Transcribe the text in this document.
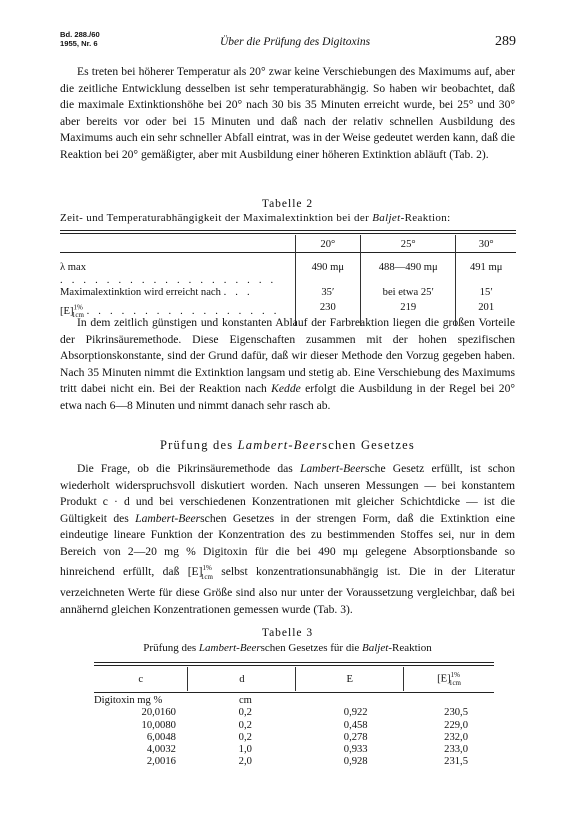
Bd. 288./60
1955, Nr. 6	Über die Prüfung des Digitoxins	289

Es treten bei höherer Temperatur als 20° zwar keine Verschiebungen des Maximums auf, aber die zeitliche Entwicklung desselben ist sehr temperaturabhängig. So haben wir beobachtet, daß die maximale Extinktionshöhe bei 20° nach 30 bis 35 Minuten erreicht wurde, bei 25° und 30° aber bereits vor oder bei 15 Minuten und daß nach der relativ schnellen Ausbildung des Maximums auch ein sehr schneller Abfall eintrat, was in der Weise gedeutet werden kann, daß die Reaktion bei 20° gemäßigter, aber mit Ausbildung einer höheren Extinktion abläuft (Tab. 2).

Tabelle 2
Zeit- und Temperaturabhängigkeit der Maximalextinktion bei der Baljet-Reaktion:
	20°	25°	30°
λ max . . . . . . . . . . . . . . . . . . .	490 mμ	488—490 mμ	491 mμ
Maximalextinktion wird erreicht nach . . .	35′	bei etwa 25′	15′
$[E]^{1\%}_{1cm}$ . . . . . . . . . . . . . . . . .	230	219	201

In dem zeitlich günstigen und konstanten Ablauf der Farbreaktion liegen die großen Vorteile der Pikrinsäuremethode. Diese Eigenschaften zusammen mit der hohen spezifischen Absorptionskonstante, sind der Grund dafür, daß wir dieser Methode den Vorzug gegeben haben. Nach 35 Minuten nimmt die Extinktion langsam und stetig ab. Eine Verschiebung des Maximums tritt dabei nicht ein. Bei der Reaktion nach Kedde erfolgt die Ausbildung in der Regel bei 20° etwa nach 6—8 Minuten und nimmt danach sehr rasch ab.

Prüfung des Lambert-Beerschen Gesetzes

Die Frage, ob die Pikrinsäuremethode das Lambert-Beersche Gesetz erfüllt, ist schon wiederholt widerspruchsvoll diskutiert worden. Nach unseren Messungen — bei konstantem Produkt c · d und bei verschiedenen Konzentrationen mit gleicher Schichtdicke — ist die Gültigkeit des Lambert-Beerschen Gesetzes in der strengen Form, daß die Extinktion eine eindeutige lineare Funktion der Konzentration des zu bestimmenden Stoffes sei, nur in dem Bereich von 2—20 mg % Digitoxin für die bei 490 mμ gelegene Absorptionsbande so hinreichend erfüllt, daß $[E]^{1\%}_{1cm}$ selbst konzentrationsunabhängig ist. Die in der Literatur verzeichneten Werte für diese Größe sind also nur unter der Voraussetzung vergleichbar, daß bei annähernd gleichen Konzentrationen gemessen wurde (Tab. 3).

Tabelle 3
Prüfung des Lambert-Beerschen Gesetzes für die Baljet-Reaktion
c	d	E	$[E]^{1\%}_{1cm}$
Digitoxin mg %	cm		
20,0160	0,2	0,922	230,5
10,0080	0,2	0,458	229,0
6,0048	0,2	0,278	232,0
4,0032	1,0	0,933	233,0
2,0016	2,0	0,928	231,5
